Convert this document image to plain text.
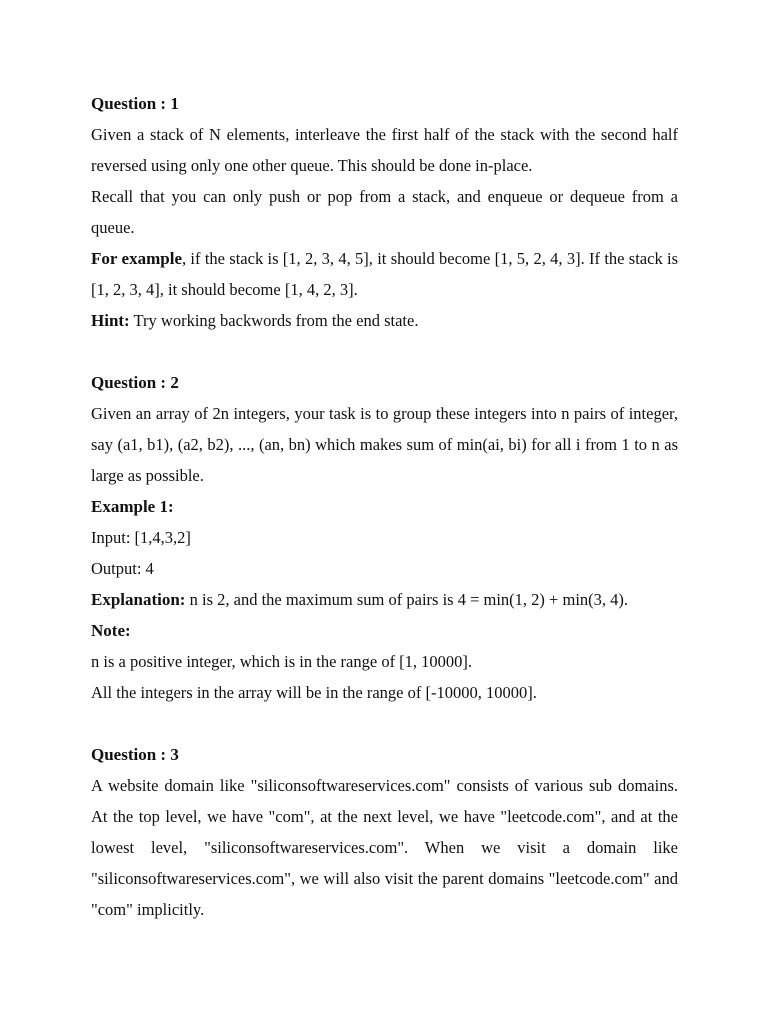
Question : 1

Given a stack of N elements, interleave the first half of the stack with the second half reversed using only one other queue. This should be done in-place.

Recall that you can only push or pop from a stack, and enqueue or dequeue from a queue.

For example, if the stack is [1, 2, 3, 4, 5], it should become [1, 5, 2, 4, 3]. If the stack is [1, 2, 3, 4], it should become [1, 4, 2, 3].

Hint: Try working backwords from the end state.

Question : 2

Given an array of 2n integers, your task is to group these integers into n pairs of integer, say (a1, b1), (a2, b2), ..., (an, bn) which makes sum of min(ai, bi) for all i from 1 to n as large as possible.

Example 1:

Input: [1,4,3,2]

Output: 4

Explanation: n is 2, and the maximum sum of pairs is 4 = min(1, 2) + min(3, 4).

Note:

n is a positive integer, which is in the range of [1, 10000].

All the integers in the array will be in the range of [-10000, 10000].

Question : 3

A website domain like "siliconsoftwareservices.com" consists of various sub domains. At the top level, we have "com", at the next level, we have "leetcode.com", and at the lowest level, "siliconsoftwareservices.com". When we visit a domain like "siliconsoftwareservices.com", we will also visit the parent domains "leetcode.com" and "com" implicitly.
